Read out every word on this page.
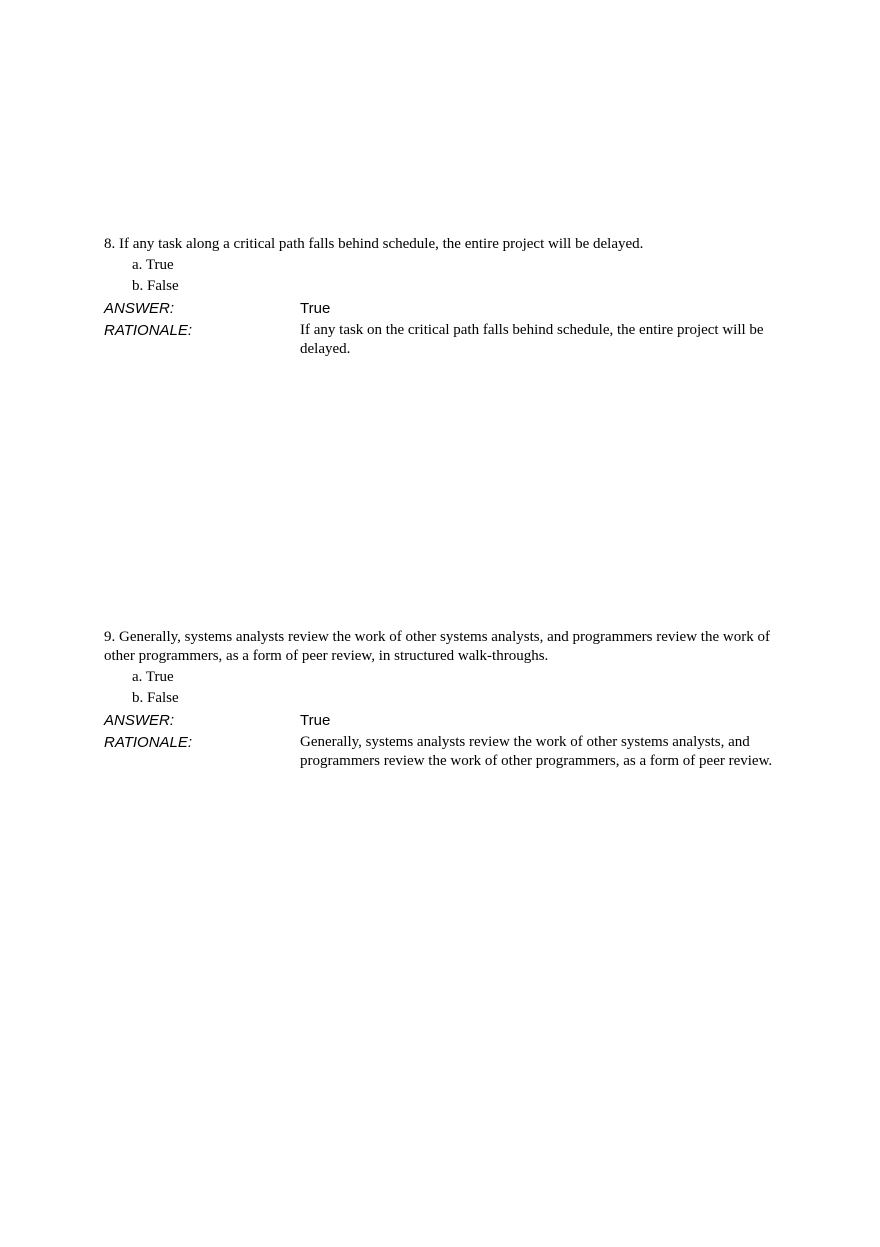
8. If any task along a critical path falls behind schedule, the entire project will be delayed.

a. True
b. False
ANSWER:	True
RATIONALE:	If any task on the critical path falls behind schedule, the entire project will be delayed.

9. Generally, systems analysts review the work of other systems analysts, and programmers review the work of other programmers, as a form of peer review, in structured walk-throughs.

a. True
b. False
ANSWER:	True
RATIONALE:	Generally, systems analysts review the work of other systems analysts, and programmers review the work of other programmers, as a form of peer review.
